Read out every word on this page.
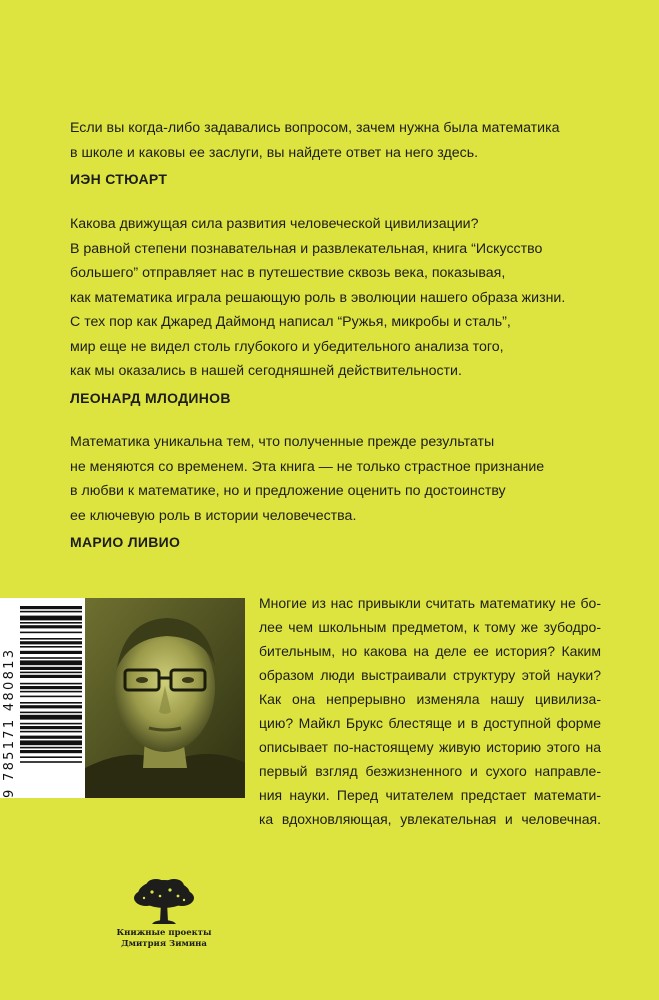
Если вы когда-либо задавались вопросом, зачем нужна была математика

в школе и каковы ее заслуги, вы найдете ответ на него здесь.

ИЭН СТЮАРТ

Какова движущая сила развития человеческой цивилизации?

В равной степени познавательная и развлекательная, книга “Искусство

большего” отправляет нас в путешествие сквозь века, показывая,

как математика играла решающую роль в эволюции нашего образа жизни.

С тех пор как Джаред Даймонд написал “Ружья, микробы и сталь”,

мир еще не видел столь глубокого и убедительного анализа того,

как мы оказались в нашей сегодняшней действительности.

ЛЕОНАРД МЛОДИНОВ

Математика уникальна тем, что полученные прежде результаты

не меняются со временем. Эта книга — не только страстное признание

в любви к математике, но и предложение оценить по достоинству

ее ключевую роль в истории человечества.

МАРИО ЛИВИО
9 785171 480813

Многие из нас привыкли считать математику не бо-

лее чем школьным предметом, к тому же зубодро-

бительным, но какова на деле ее история? Каким

образом люди выстраивали структуру этой науки?

Как она непрерывно изменяла нашу цивилиза-

цию? Майкл Брукс блестяще и в доступной форме

описывает по-настоящему живую историю этого на

первый взгляд безжизненного и сухого направле-

ния науки. Перед читателем предстает математи-

ка вдохновляющая, увлекательная и человечная.

Книжные проекты
Дмитрия Зимина
